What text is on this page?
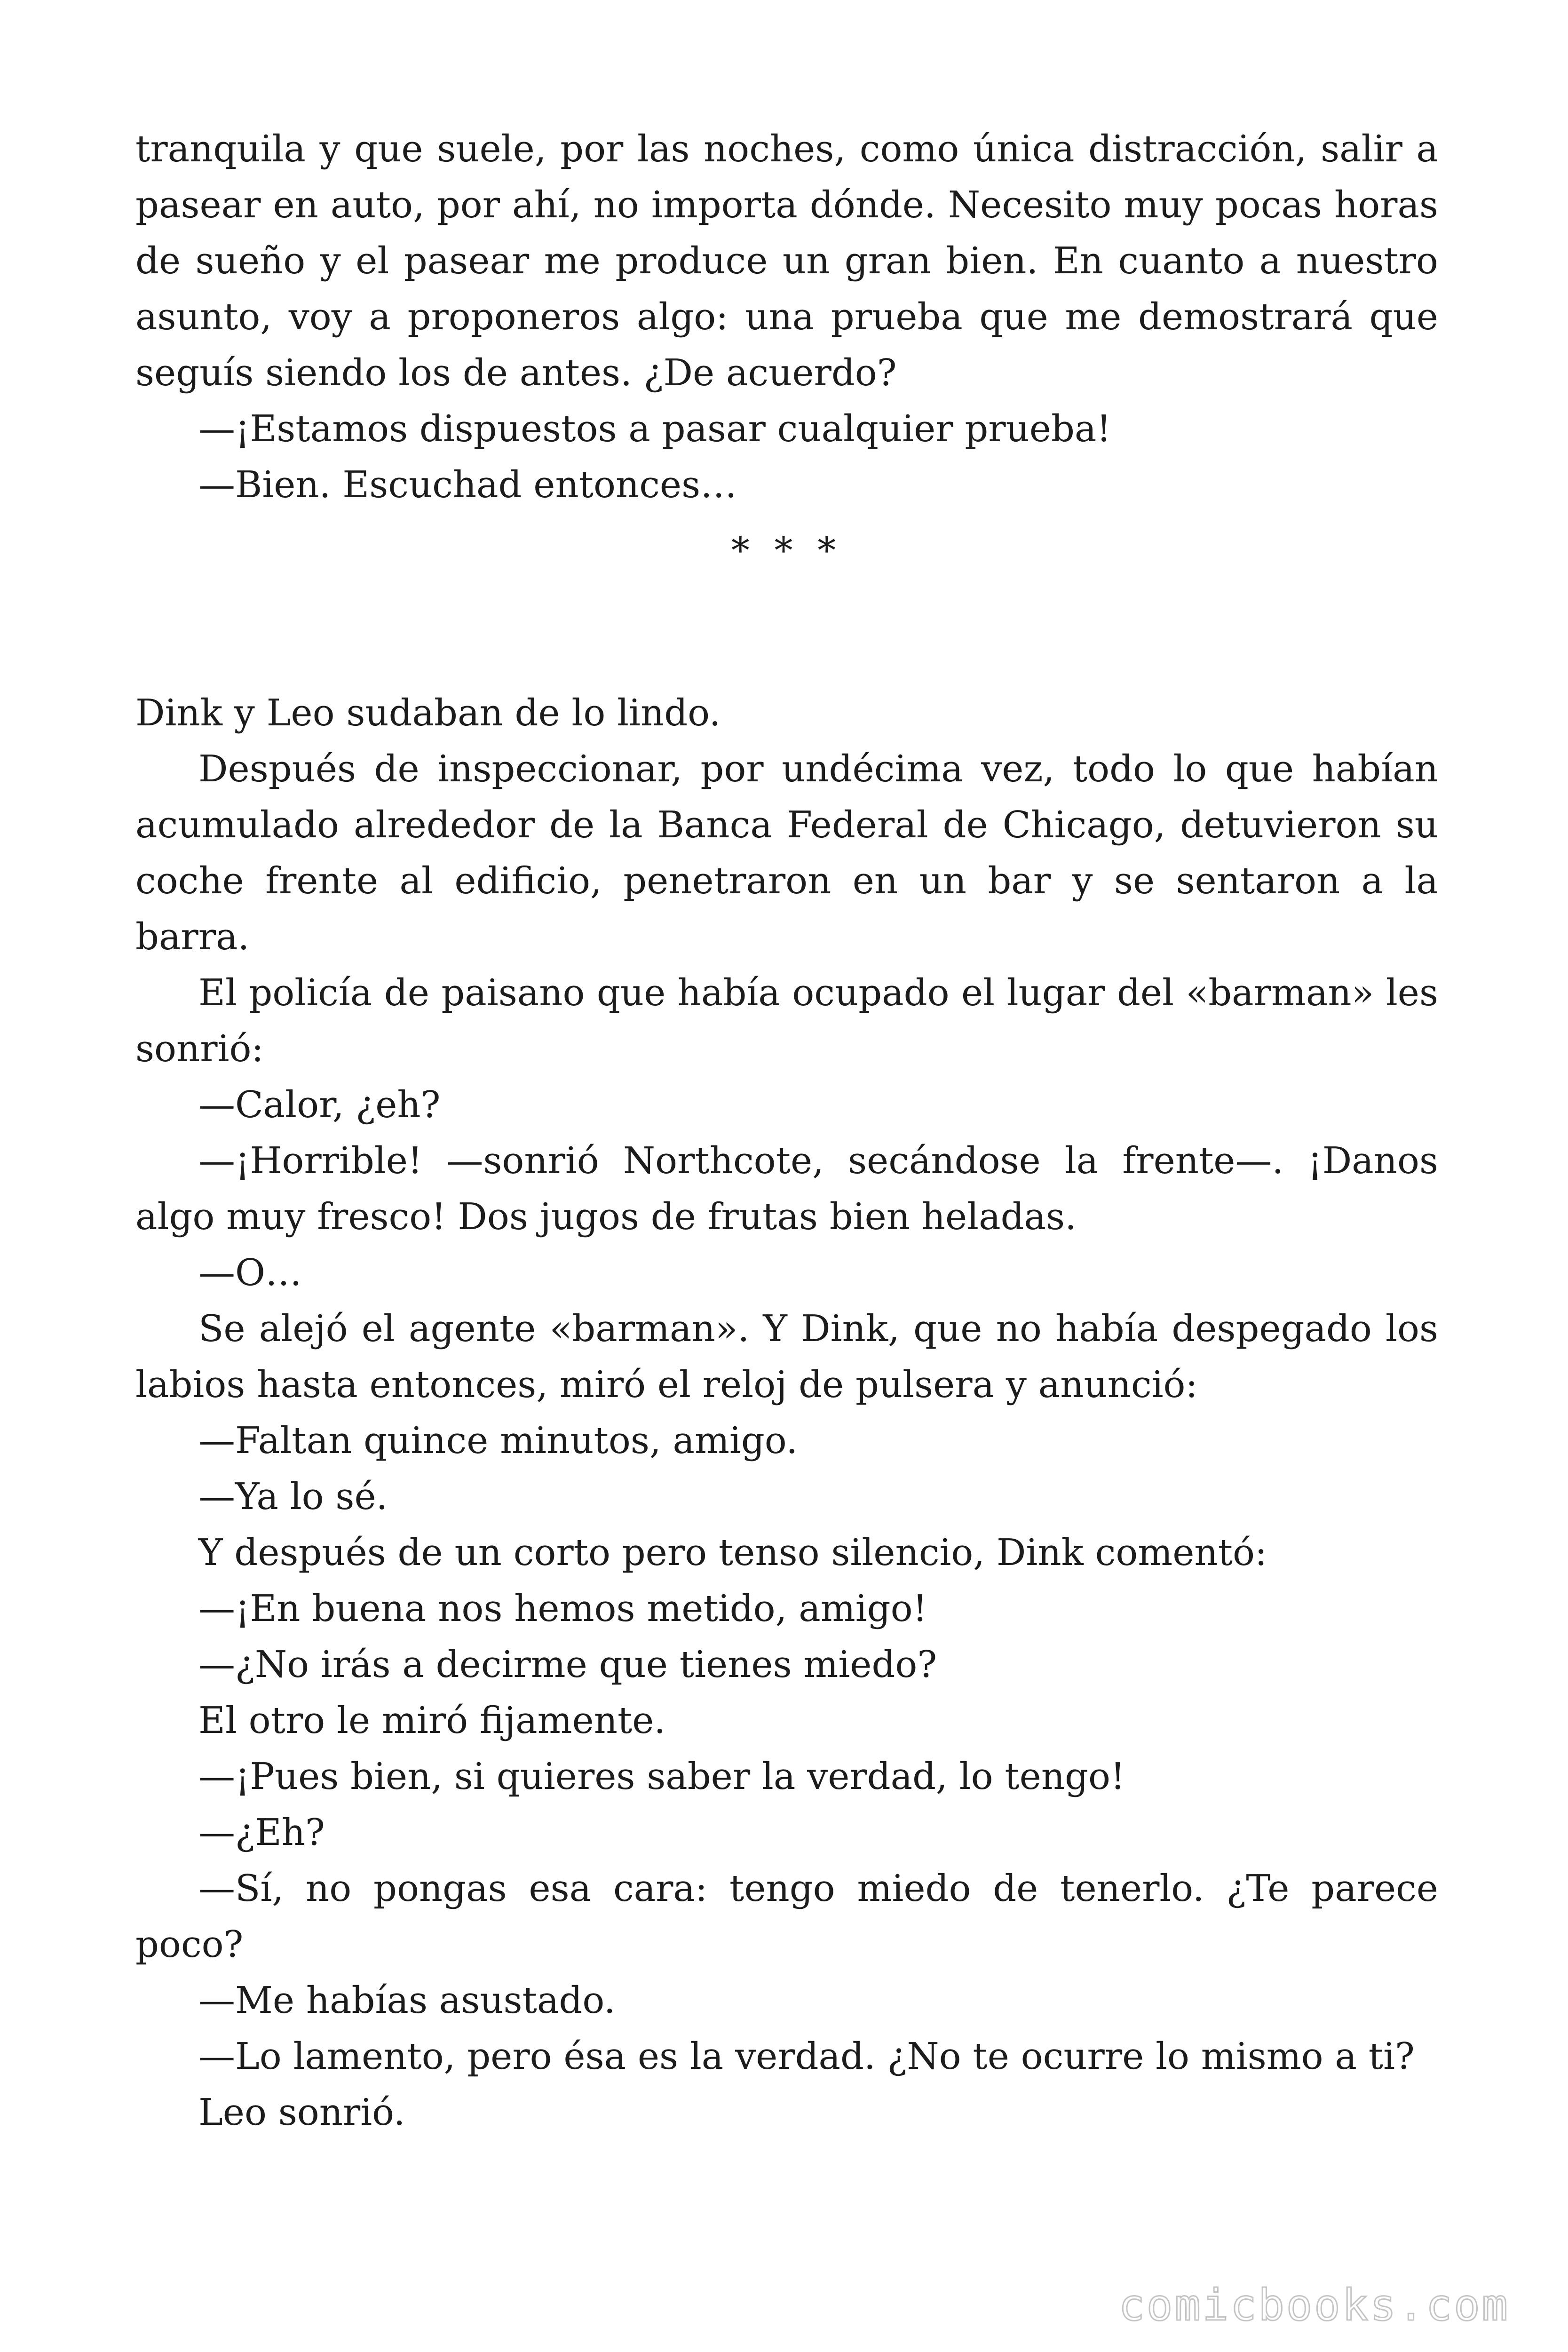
tranquila y que suele, por las noches, como única distracción, salir a pasear en auto, por ahí, no importa dónde. Necesito muy pocas horas de sueño y el pasear me produce un gran bien. En cuanto a nuestro asunto, voy a proponeros algo: una prueba que me demostrará que seguís siendo los de antes. ¿De acuerdo?

—¡Estamos dispuestos a pasar cualquier prueba!

—Bien. Escuchad entonces…

* * *

Dink y Leo sudaban de lo lindo.

Después de inspeccionar, por undécima vez, todo lo que habían acumulado alrededor de la Banca Federal de Chicago, detuvieron su coche frente al edificio, penetraron en un bar y se sentaron a la barra.

El policía de paisano que había ocupado el lugar del «barman» les sonrió:

—Calor, ¿eh?

—¡Horrible! —sonrió Northcote, secándose la frente—. ¡Danos algo muy fresco! Dos jugos de frutas bien heladas.

—O…

Se alejó el agente «barman». Y Dink, que no había despegado los labios hasta entonces, miró el reloj de pulsera y anunció:

—Faltan quince minutos, amigo.

—Ya lo sé.

Y después de un corto pero tenso silencio, Dink comentó:

—¡En buena nos hemos metido, amigo!

—¿No irás a decirme que tienes miedo?

El otro le miró fijamente.

—¡Pues bien, si quieres saber la verdad, lo tengo!

—¿Eh?

—Sí, no pongas esa cara: tengo miedo de tenerlo. ¿Te parece poco?

—Me habías asustado.

—Lo lamento, pero ésa es la verdad. ¿No te ocurre lo mismo a ti?

Leo sonrió.

comicbooks.com
